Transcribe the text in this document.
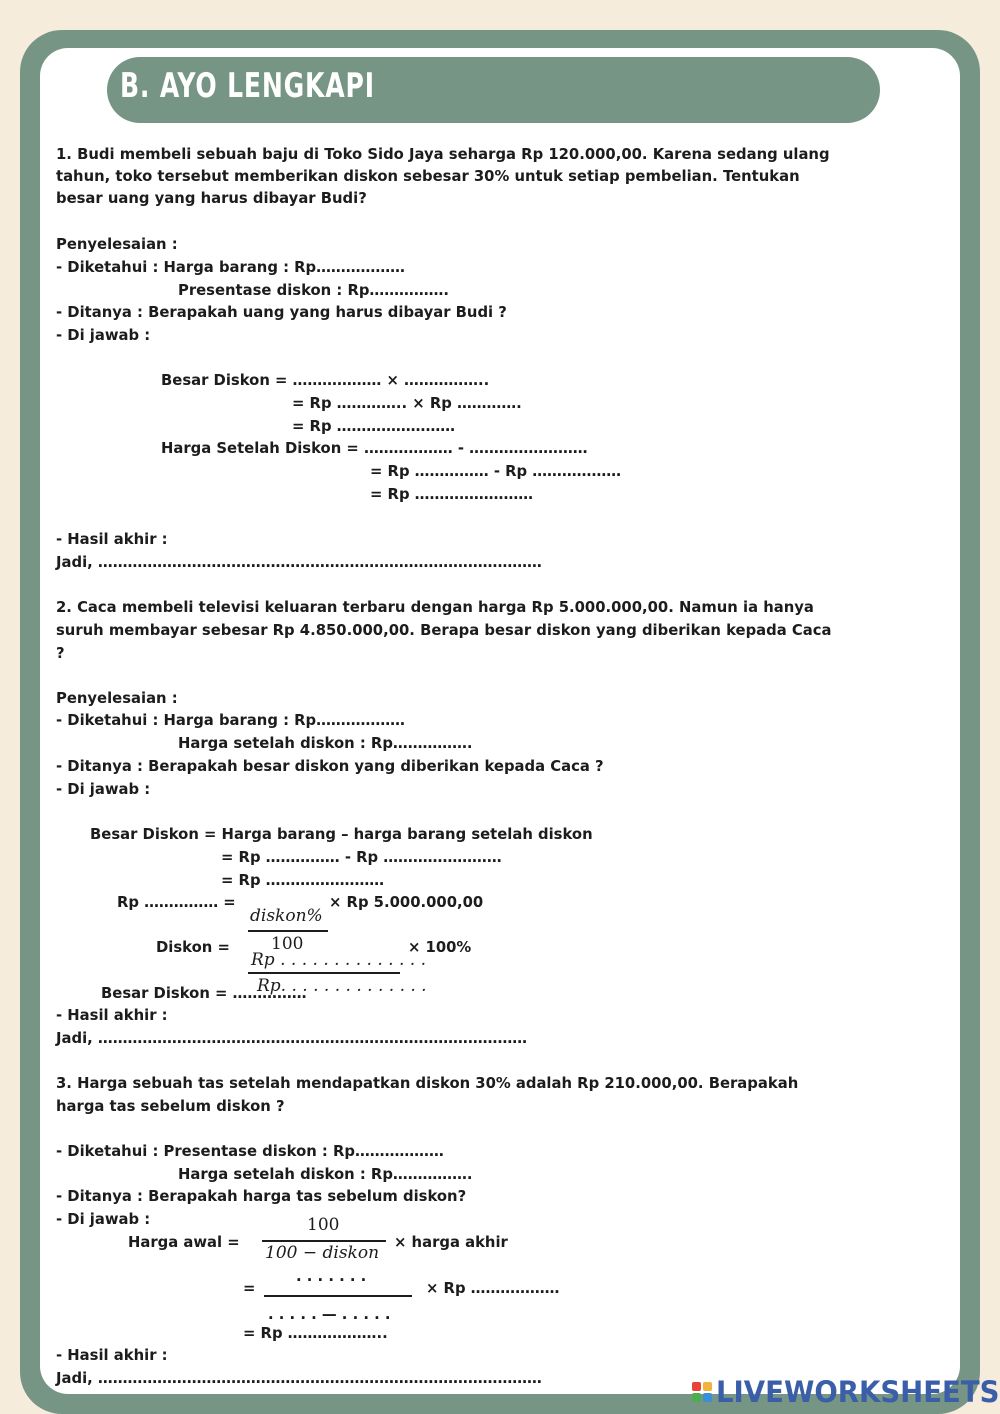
B. AYO LENGKAPI
1. Budi membeli sebuah baju di Toko Sido Jaya seharga Rp 120.000,00. Karena sedang ulang
tahun, toko tersebut memberikan diskon sebesar 30% untuk setiap pembelian. Tentukan
besar uang yang harus dibayar Budi?
Penyelesaian :
- Diketahui : Harga barang : Rp………………
Presentase diskon : Rp…………….
- Ditanya : Berapakah uang yang harus dibayar Budi ?
- Di jawab :
Besar Diskon = ……………… × ……………..
= Rp ………….. × Rp ………….
= Rp ……………………
Harga Setelah Diskon = ……………… - ……………………
= Rp …………… - Rp ………………
= Rp ……………………
- Hasil akhir :
Jadi, ………………………………………………………………………………
2. Caca membeli televisi keluaran terbaru dengan harga Rp 5.000.000,00. Namun ia hanya
suruh membayar sebesar Rp 4.850.000,00. Berapa besar diskon yang diberikan kepada Caca
?
Penyelesaian :
- Diketahui : Harga barang : Rp………………
Harga setelah diskon : Rp…………….
- Ditanya : Berapakah besar diskon yang diberikan kepada Caca ?
- Di jawab :
Besar Diskon = Harga barang – harga barang setelah diskon
= Rp …………… - Rp ……………………
= Rp ……………………
Rp …………… =
diskon%
100
× Rp 5.000.000,00
Diskon =
Rp . . . . . . . . . . . . . .
Rp. . . . . . . . . . . . . .
× 100%
Besar Diskon = ……………
- Hasil akhir :
Jadi, ……………………………………………………………………………
3. Harga sebuah tas setelah mendapatkan diskon 30% adalah Rp 210.000,00. Berapakah
harga tas sebelum diskon ?
- Diketahui : Presentase diskon : Rp………………
Harga setelah diskon : Rp…………….
- Ditanya : Berapakah harga tas sebelum diskon?
- Di jawab :
Harga awal =
100
100 − diskon
× harga akhir
=
. . . . . . .
. . . . . — . . . . .
× Rp ………………
= Rp ………………..
- Hasil akhir :
Jadi, ………………………………………………………………………………	LIVEWORKSHEETS
